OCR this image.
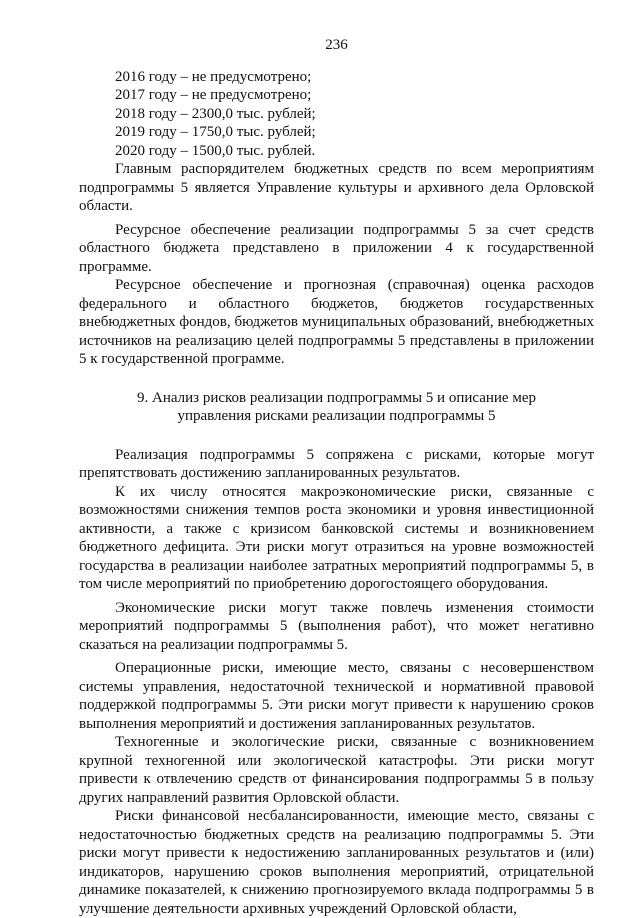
236

2016 году – не предусмотрено;

2017 году – не предусмотрено;

2018 году – 2300,0 тыс. рублей;

2019 году – 1750,0 тыс. рублей;

2020 году – 1500,0 тыс. рублей.

Главным распорядителем бюджетных средств по всем мероприятиям подпрограммы 5 является Управление культуры и архивного дела Орловской области.

Ресурсное обеспечение реализации подпрограммы 5 за счет средств областного бюджета представлено в приложении 4 к государственной программе.

Ресурсное обеспечение и прогнозная (справочная) оценка расходов федерального и областного бюджетов, бюджетов государственных внебюджетных фондов, бюджетов муниципальных образований, внебюджетных источников на реализацию целей подпрограммы 5 представлены в приложении 5 к государственной программе.

9. Анализ рисков реализации подпрограммы 5 и описание мер
управления рисками реализации подпрограммы 5

Реализация подпрограммы 5 сопряжена с рисками, которые могут препятствовать достижению запланированных результатов.

К их числу относятся макроэкономические риски, связанные с возможностями снижения темпов роста экономики и уровня инвестиционной активности, а также с кризисом банковской системы и возникновением бюджетного дефицита. Эти риски могут отразиться на уровне возможностей государства в реализации наиболее затратных мероприятий подпрограммы 5, в том числе мероприятий по приобретению дорогостоящего оборудования.

Экономические риски могут также повлечь изменения стоимости мероприятий подпрограммы 5 (выполнения работ), что может негативно сказаться на реализации подпрограммы 5.

Операционные риски, имеющие место, связаны с несовершенством системы управления, недостаточной технической и нормативной правовой поддержкой подпрограммы 5. Эти риски могут привести к нарушению сроков выполнения мероприятий и достижения запланированных результатов.

Техногенные и экологические риски, связанные с возникновением крупной техногенной или экологической катастрофы. Эти риски могут привести к отвлечению средств от финансирования подпрограммы 5 в пользу других направлений развития Орловской области.

Риски финансовой несбалансированности, имеющие место, связаны с недостаточностью бюджетных средств на реализацию подпрограммы 5. Эти риски могут привести к недостижению запланированных результатов и (или) индикаторов, нарушению сроков выполнения мероприятий, отрицательной динамике показателей, к снижению прогнозируемого вклада подпрограммы 5 в улучшение деятельности архивных учреждений Орловской области,
